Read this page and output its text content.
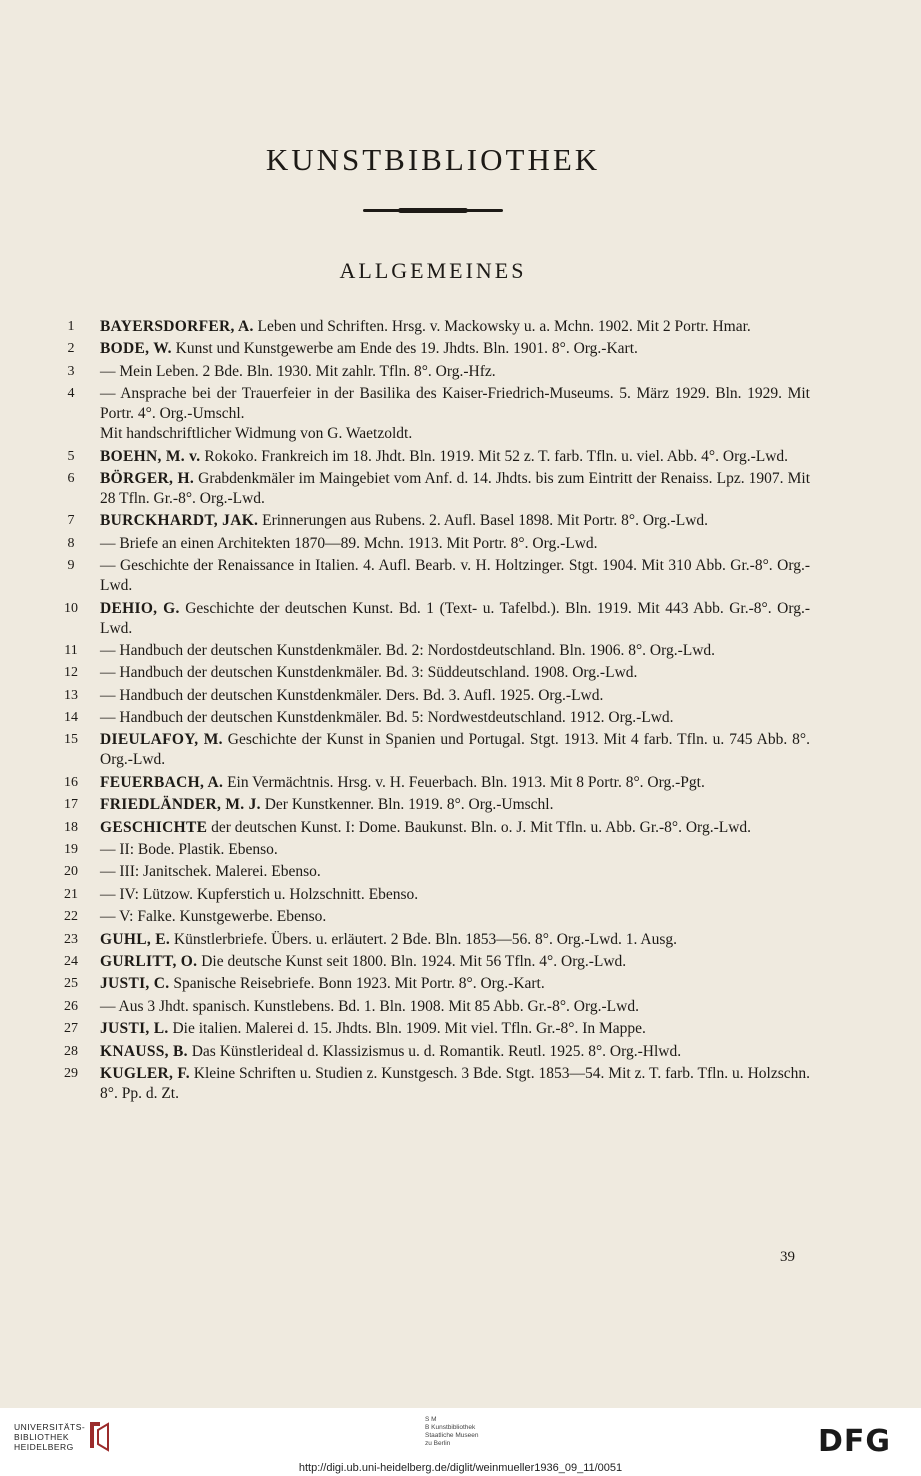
KUNSTBIBLIOTHEK
ALLGEMEINES
1	BAYERSDORFER, A. Leben und Schriften. Hrsg. v. Mackowsky u. a. Mchn. 1902. Mit 2 Portr. Hmar.
2	BODE, W. Kunst und Kunstgewerbe am Ende des 19. Jhdts. Bln. 1901. 8°. Org.-Kart.
3	— Mein Leben. 2 Bde. Bln. 1930. Mit zahlr. Tfln. 8°. Org.-Hfz.
4	— Ansprache bei der Trauerfeier in der Basilika des Kaiser-Friedrich-Museums. 5. März 1929. Bln. 1929. Mit Portr. 4°. Org.-Umschl.
Mit handschriftlicher Widmung von G. Waetzoldt.
5	BOEHN, M. v. Rokoko. Frankreich im 18. Jhdt. Bln. 1919. Mit 52 z. T. farb. Tfln. u. viel. Abb. 4°. Org.-Lwd.
6	BÖRGER, H. Grabdenkmäler im Maingebiet vom Anf. d. 14. Jhdts. bis zum Eintritt der Renaiss. Lpz. 1907. Mit 28 Tfln. Gr.-8°. Org.-Lwd.
7	BURCKHARDT, JAK. Erinnerungen aus Rubens. 2. Aufl. Basel 1898. Mit Portr. 8°. Org.-Lwd.
8	— Briefe an einen Architekten 1870—89. Mchn. 1913. Mit Portr. 8°. Org.-Lwd.
9	— Geschichte der Renaissance in Italien. 4. Aufl. Bearb. v. H. Holtzinger. Stgt. 1904. Mit 310 Abb. Gr.-8°. Org.-Lwd.
10 DEHIO, G. Geschichte der deutschen Kunst. Bd. 1 (Text- u. Tafelbd.). Bln. 1919. Mit 443 Abb. Gr.-8°. Org.-Lwd.
11 — Handbuch der deutschen Kunstdenkmäler. Bd. 2: Nordostdeutschland. Bln. 1906. 8°. Org.-Lwd.
12 — Handbuch der deutschen Kunstdenkmäler. Bd. 3: Süddeutschland. 1908. Org.-Lwd.
13 — Handbuch der deutschen Kunstdenkmäler. Ders. Bd. 3. Aufl. 1925. Org.-Lwd.
14 — Handbuch der deutschen Kunstdenkmäler. Bd. 5: Nordwestdeutschland. 1912. Org.-Lwd.
15 DIEULAFOY, M. Geschichte der Kunst in Spanien und Portugal. Stgt. 1913. Mit 4 farb. Tfln. u. 745 Abb. 8°. Org.-Lwd.
16 FEUERBACH, A. Ein Vermächtnis. Hrsg. v. H. Feuerbach. Bln. 1913. Mit 8 Portr. 8°. Org.-Pgt.
17 FRIEDLÄNDER, M. J. Der Kunstkenner. Bln. 1919. 8°. Org.-Umschl.
18 GESCHICHTE der deutschen Kunst. I: Dome. Baukunst. Bln. o. J. Mit Tfln. u. Abb. Gr.-8°. Org.-Lwd.
19 — II: Bode. Plastik. Ebenso.
20 — III: Janitschek. Malerei. Ebenso.
21 — IV: Lützow. Kupferstich u. Holzschnitt. Ebenso.
22 — V: Falke. Kunstgewerbe. Ebenso.
23 GUHL, E. Künstlerbriefe. Übers. u. erläutert. 2 Bde. Bln. 1853—56. 8°. Org.-Lwd. 1. Ausg.
24 GURLITT, O. Die deutsche Kunst seit 1800. Bln. 1924. Mit 56 Tfln. 4°. Org.-Lwd.
25 JUSTI, C. Spanische Reisebriefe. Bonn 1923. Mit Portr. 8°. Org.-Kart.
26 — Aus 3 Jhdt. spanisch. Kunstlebens. Bd. 1. Bln. 1908. Mit 85 Abb. Gr.-8°. Org.-Lwd.
27 JUSTI, L. Die italien. Malerei d. 15. Jhdts. Bln. 1909. Mit viel. Tfln. Gr.-8°. In Mappe.
28 KNAUSS, B. Das Künstlerideal d. Klassizismus u. d. Romantik. Reutl. 1925. 8°. Org.-Hlwd.
29 KUGLER, F. Kleine Schriften u. Studien z. Kunstgesch. 3 Bde. Stgt. 1853—54. Mit z. T. farb. Tfln. u. Holzschn. 8°. Pp. d. Zt.
39
UNIVERSITÄTS-
BIBLIOTHEK
HEIDELBERG
S M
B Kunstbibliothek
Staatliche Museen
zu Berlin	DFG
http://digi.ub.uni-heidelberg.de/diglit/weinmueller1936_09_11/0051
